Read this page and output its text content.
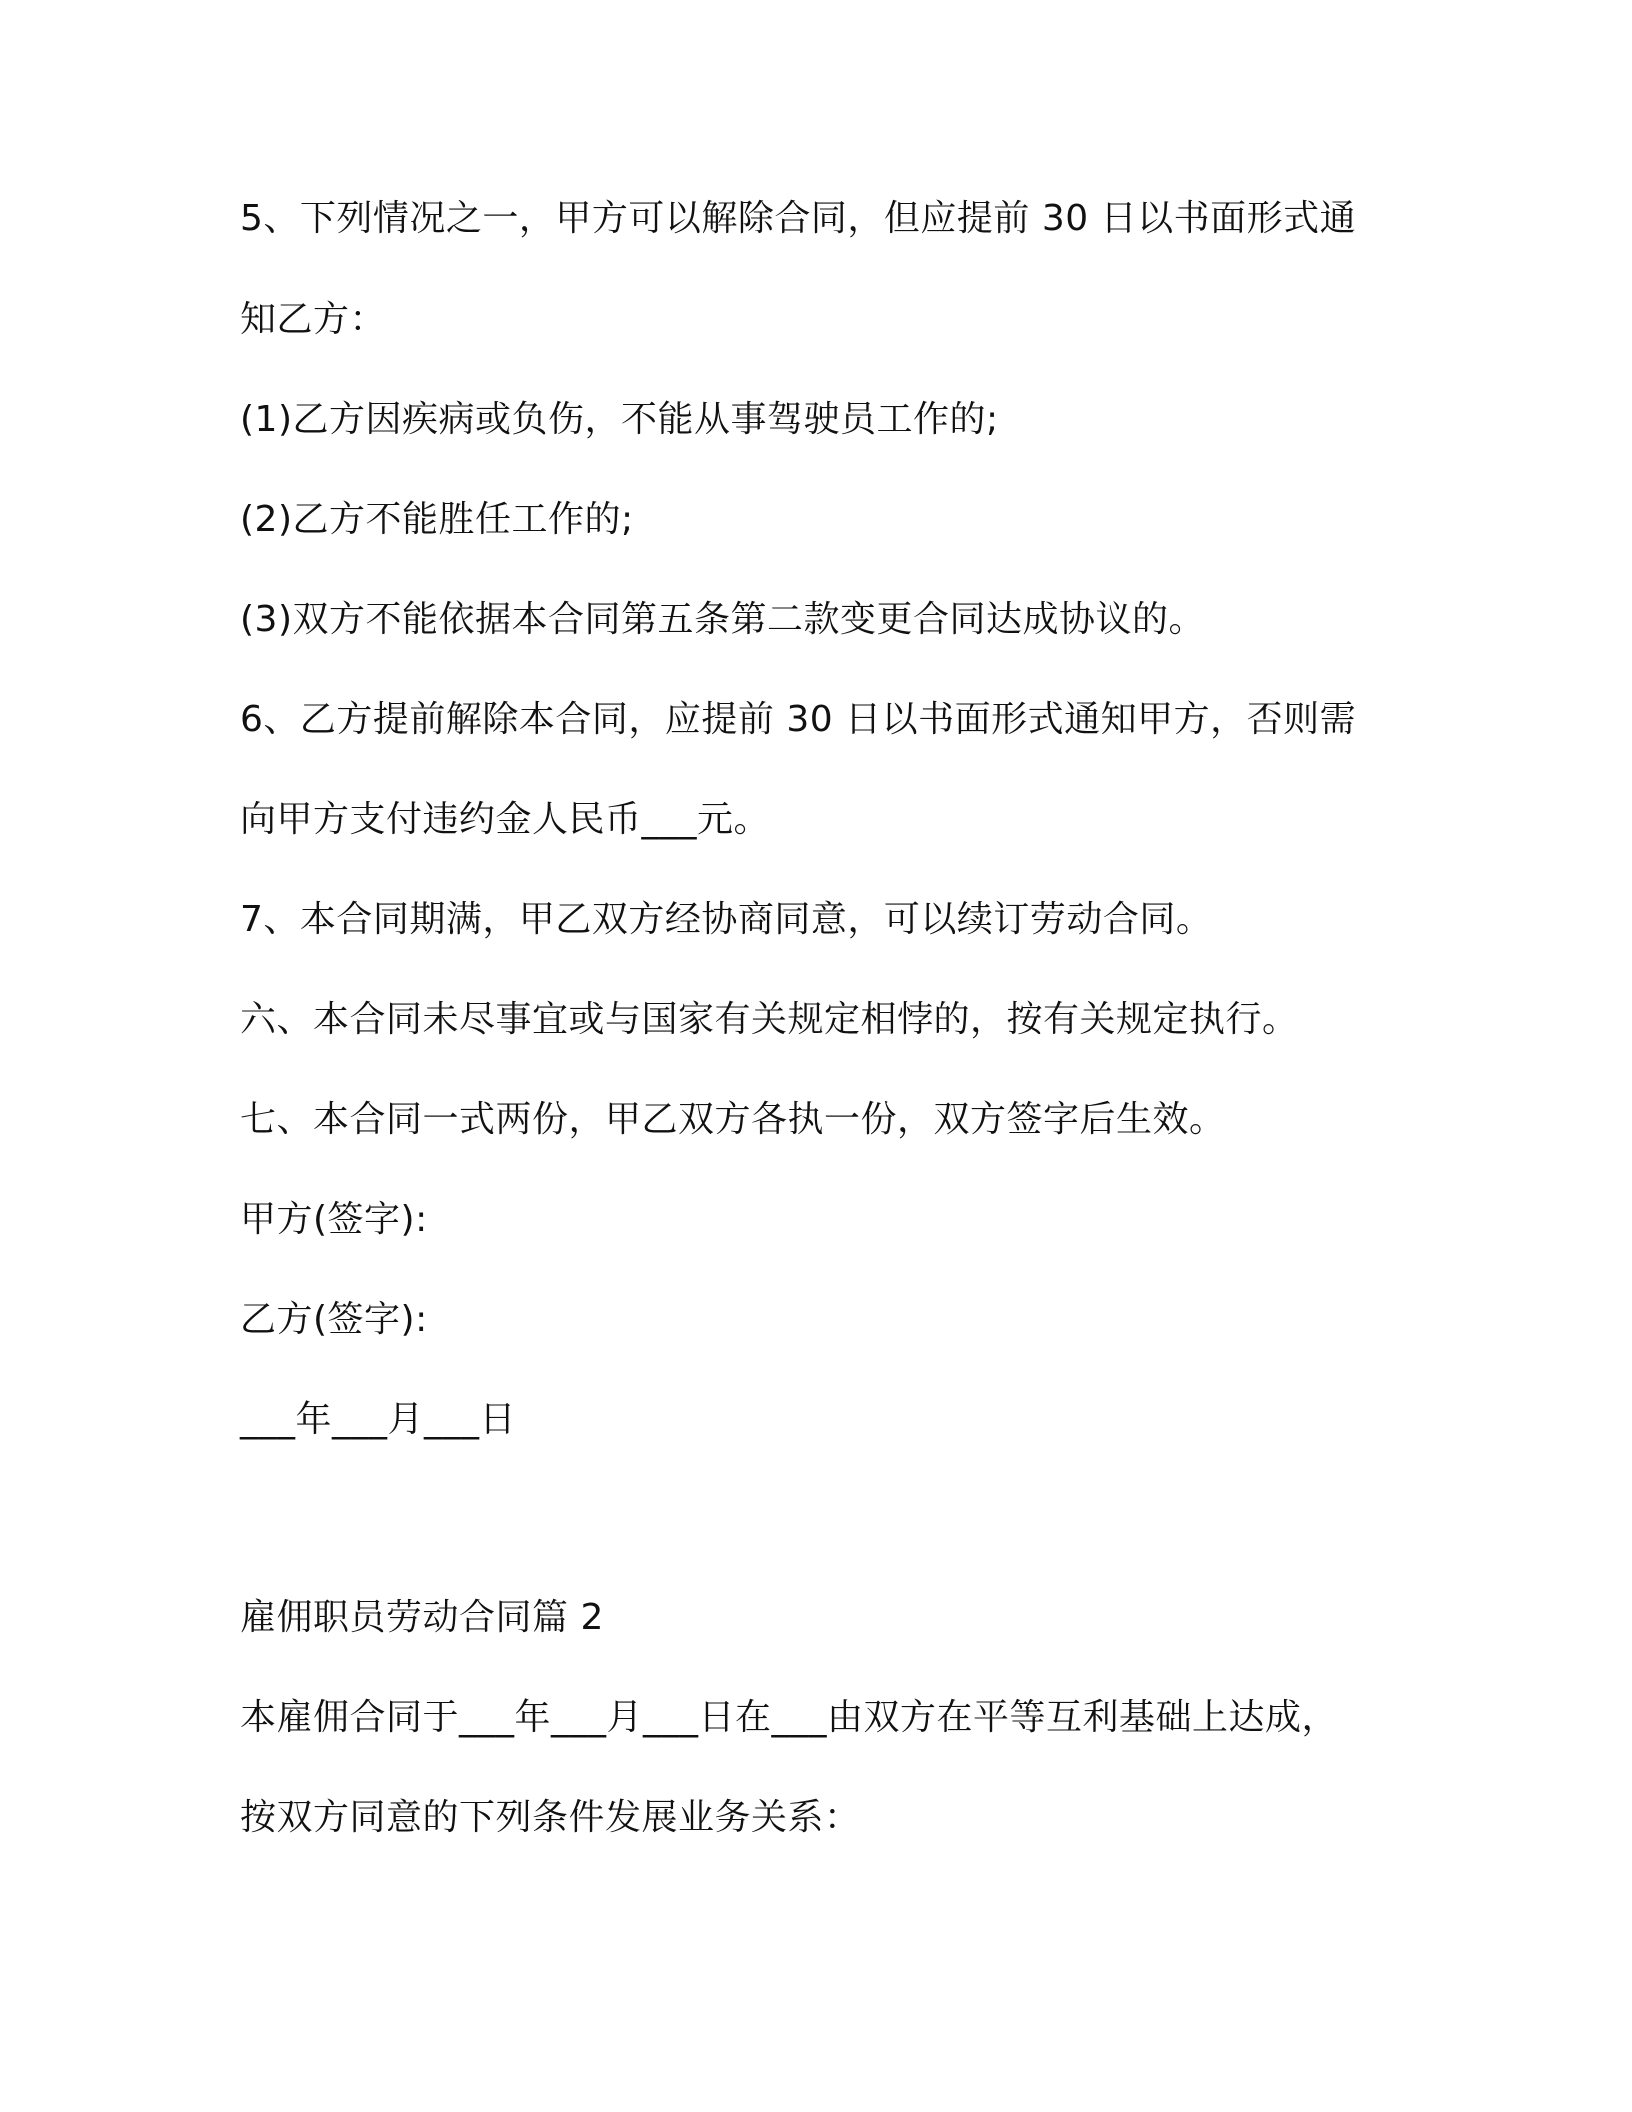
5、下列情况之一，甲方可以解除合同，但应提前 30 日以书面形式通
知乙方：
(1)乙方因疾病或负伤，不能从事驾驶员工作的;
(2)乙方不能胜任工作的;
(3)双方不能依据本合同第五条第二款变更合同达成协议的。
6、乙方提前解除本合同，应提前 30 日以书面形式通知甲方，否则需
向甲方支付违约金人民币___元。
7、本合同期满，甲乙双方经协商同意，可以续订劳动合同。
六、本合同未尽事宜或与国家有关规定相悖的，按有关规定执行。
七、本合同一式两份，甲乙双方各执一份，双方签字后生效。
甲方(签字):
乙方(签字):
___年___月___日
雇佣职员劳动合同篇 2
本雇佣合同于___年___月___日在___由双方在平等互利基础上达成，
按双方同意的下列条件发展业务关系：
